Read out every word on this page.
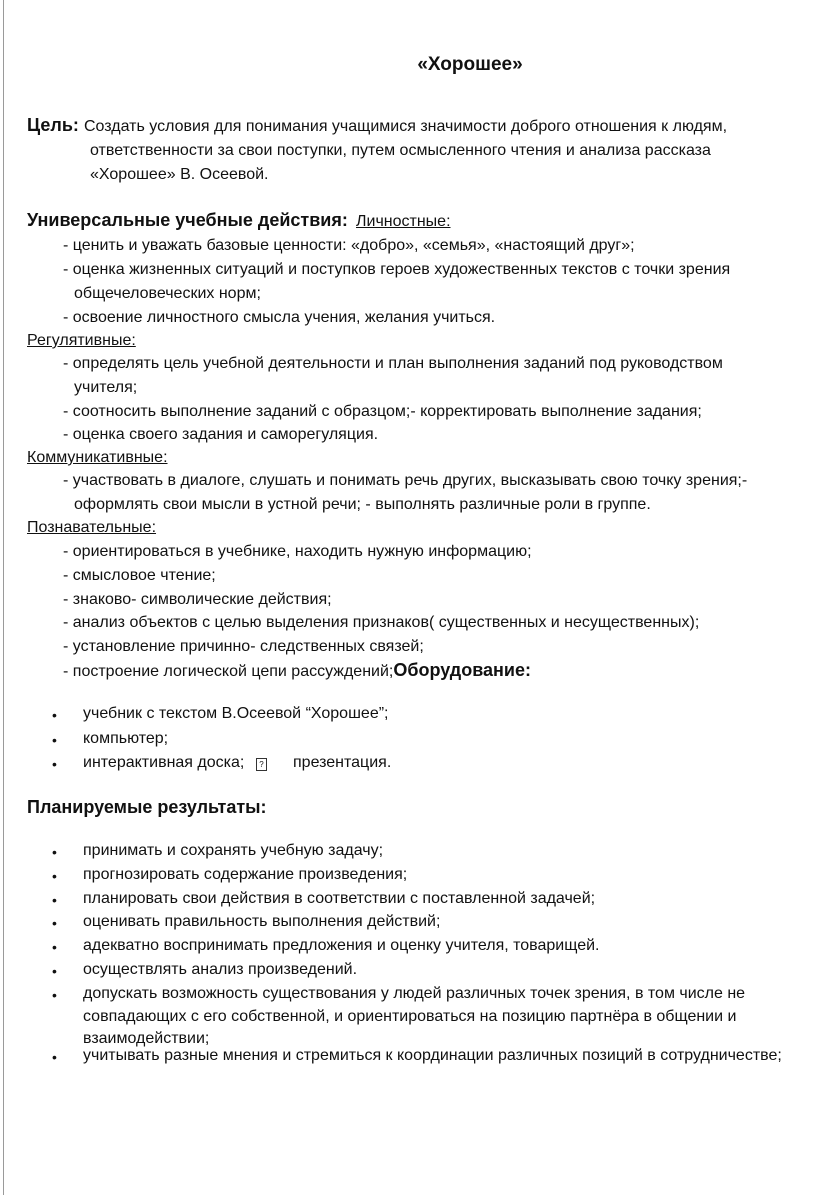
«Хорошее»
Цель: Создать условия для понимания учащимися значимости доброго отношения к людям,
ответственности за свои поступки, путем осмысленного чтения и анализа рассказа
«Хорошее» В. Осеевой.
Универсальные учебные действия: Личностные:
- ценить и уважать базовые ценности: «добро», «семья», «настоящий друг»;
- оценка жизненных ситуаций и поступков героев художественных текстов с точки зрения
общечеловеческих норм;
- освоение личностного смысла учения, желания учиться.
Регулятивные:
- определять цель учебной деятельности и план выполнения заданий под руководством
учителя;
- соотносить выполнение заданий с образцом;- корректировать выполнение задания;
- оценка своего задания и саморегуляция.
Коммуникативные:
- участвовать в диалоге, слушать и понимать речь других, высказывать свою точку зрения;-
оформлять свои мысли в устной речи; - выполнять различные роли в группе.
Познавательные:
- ориентироваться в учебнике, находить нужную информацию;
- смысловое чтение;
- знаково- символические действия;
- анализ объектов с целью выделения признаков( существенных и несущественных);
- установление причинно- следственных связей;
- построение логической цепи рассуждений;Оборудование:
• учебник с текстом В.Осеевой “Хорошее”;
• компьютер;
• интерактивная доска;	? презентация.
Планируемые результаты:
• принимать и сохранять учебную задачу;
• прогнозировать содержание произведения;
• планировать свои действия в соответствии с поставленной задачей;
• оценивать правильность выполнения действий;
• адекватно воспринимать предложения и оценку учителя, товарищей.
• осуществлять анализ произведений.
• допускать возможность существования у людей различных точек зрения, в том числе не
совпадающих с его собственной, и ориентироваться на позицию партнёра в общении и
взаимодействии;
• учитывать разные мнения и стремиться к координации различных позиций в сотрудничестве;
